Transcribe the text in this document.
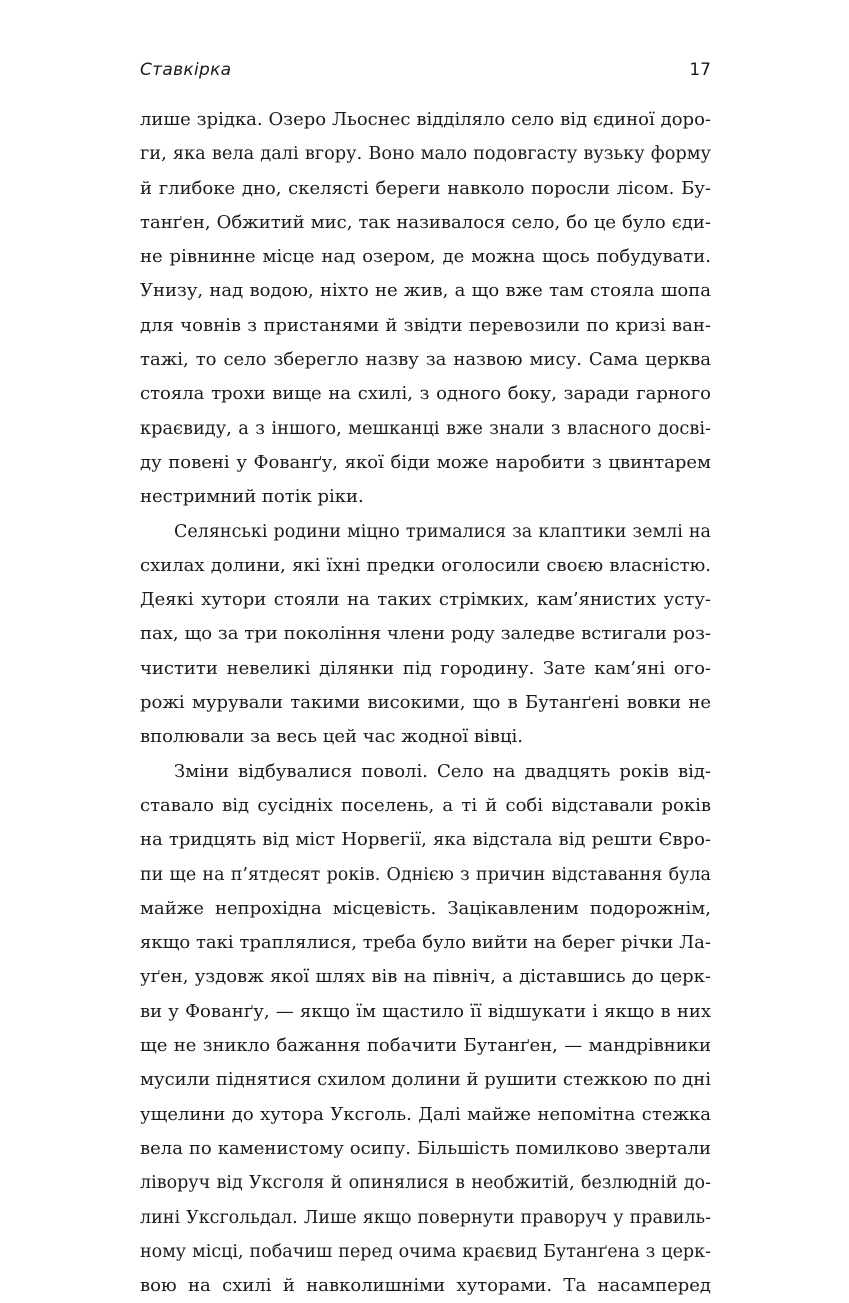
Ставкірка	17
лише зрідка. Озеро Льоснес відділяло село від єдиної доро-
ги, яка вела далі вгору. Воно мало подовгасту вузьку форму
й глибоке дно, скелясті береги навколо поросли лісом. Бу-
танґен, Обжитий мис, так називалося село, бо це було єди-
не рівнинне місце над озером, де можна щось побудувати.
Унизу, над водою, ніхто не жив, а що вже там стояла шопа
для човнів з пристанями й звідти перевозили по кризі ван-
тажі, то село зберегло назву за назвою мису. Сама церква
стояла трохи вище на схилі, з одного боку, заради гарного
краєвиду, а з іншого, мешканці вже знали з власного досві-
ду повені у Фованґу, якої біди може наробити з цвинтарем
нестримний потік ріки.
Селянські родини міцно трималися за клаптики землі на
схилах долини, які їхні предки оголосили своєю власністю.
Деякі хутори стояли на таких стрімких, кам’янистих усту-
пах, що за три покоління члени роду заледве встигали роз-
чистити невеликі ділянки під городину. Зате кам’яні ого-
рожі мурували такими високими, що в Бутанґені вовки не
вполювали за весь цей час жодної вівці.
Зміни відбувалися поволі. Село на двадцять років від-
ставало від сусідніх поселень, а ті й собі відставали років
на тридцять від міст Норвегії, яка відстала від решти Євро-
пи ще на п’ятдесят років. Однією з причин відставання була
майже непрохідна місцевість. Зацікавленим подорожнім,
якщо такі траплялися, треба було вийти на берег річки Ла-
уґен, уздовж якої шлях вів на північ, а діставшись до церк-
ви у Фованґу, — якщо їм щастило її відшукати і якщо в них
ще не зникло бажання побачити Бутанґен, — мандрівники
мусили піднятися схилом долини й рушити стежкою по дні
ущелини до хутора Уксголь. Далі майже непомітна стежка
вела по каменистому осипу. Більшість помилково звертали
ліворуч від Уксголя й опинялися в необжитій, безлюдній до-
лині Уксгольдал. Лише якщо повернути праворуч у правиль-
ному місці, побачиш перед очима краєвид Бутанґена з церк-
вою на схилі й навколишніми хуторами. Та насамперед
